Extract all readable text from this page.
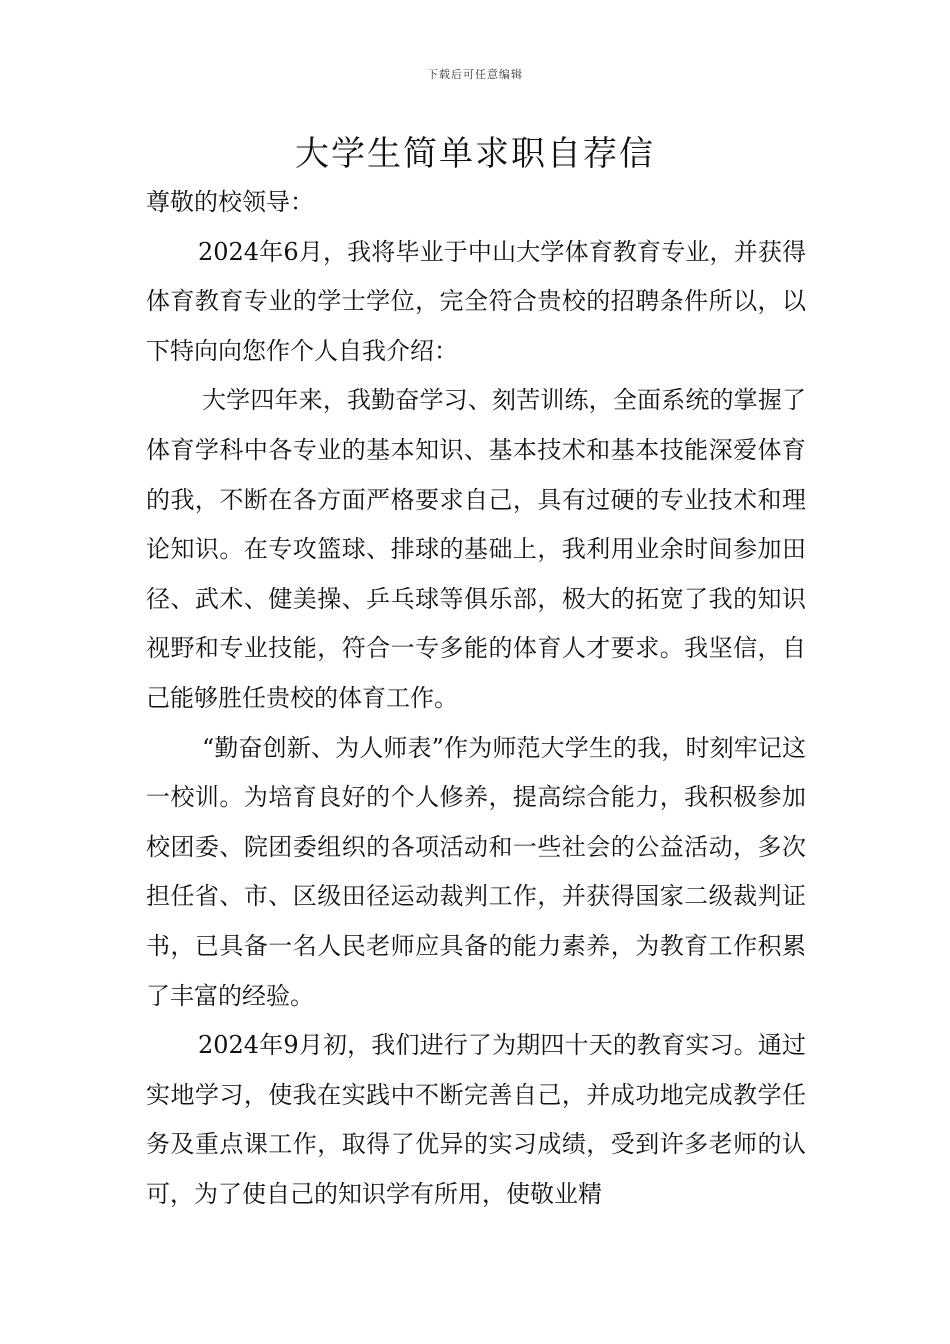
下载后可任意编辑
大学生简单求职自荐信

尊敬的校领导：

2024年6月，我将毕业于中山大学体育教育专业，并获得体育教育专业的学士学位，完全符合贵校的招聘条件所以，以下特向向您作个人自我介绍：

大学四年来，我勤奋学习、刻苦训练，全面系统的掌握了体育学科中各专业的基本知识、基本技术和基本技能深爱体育的我，不断在各方面严格要求自己，具有过硬的专业技术和理论知识。在专攻篮球、排球的基础上，我利用业余时间参加田径、武术、健美操、乒乓球等俱乐部，极大的拓宽了我的知识视野和专业技能，符合一专多能的体育人才要求。我坚信，自己能够胜任贵校的体育工作。

“勤奋创新、为人师表”作为师范大学生的我，时刻牢记这一校训。为培育良好的个人修养，提高综合能力，我积极参加校团委、院团委组织的各项活动和一些社会的公益活动，多次担任省、市、区级田径运动裁判工作，并获得国家二级裁判证书，已具备一名人民老师应具备的能力素养，为教育工作积累了丰富的经验。

2024年9月初，我们进行了为期四十天的教育实习。通过实地学习，使我在实践中不断完善自己，并成功地完成教学任务及重点课工作，取得了优异的实习成绩，受到许多老师的认可，为了使自己的知识学有所用，使敬业精
